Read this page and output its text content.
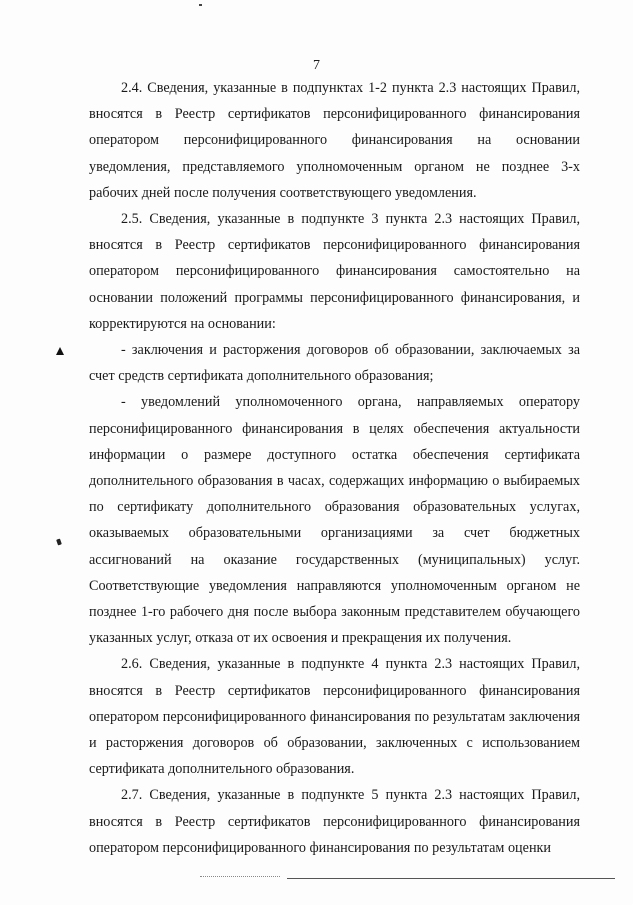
7

2.4. Сведения, указанные в подпунктах 1-2 пункта 2.3 настоящих Правил, вносятся в Реестр сертификатов персонифицированного финансирования оператором персонифицированного финансирования на основании уведомления, представляемого уполномоченным органом не позднее 3-х рабочих дней после получения соответствующего уведомления.

2.5. Сведения, указанные в подпункте 3 пункта 2.3 настоящих Правил, вносятся в Реестр сертификатов персонифицированного финансирования оператором персонифицированного финансирования самостоятельно на основании положений программы персонифицированного финансирования, и корректируются на основании:

- заключения и расторжения договоров об образовании, заключаемых за счет средств сертификата дополнительного образования;

- уведомлений уполномоченного органа, направляемых оператору персонифицированного финансирования в целях обеспечения актуальности информации о размере доступного остатка обеспечения сертификата дополнительного образования в часах, содержащих информацию о выбираемых по сертификату дополнительного образования образовательных услугах, оказываемых образовательными организациями за счет бюджетных ассигнований на оказание государственных (муниципальных) услуг. Соответствующие уведомления направляются уполномоченным органом не позднее 1-го рабочего дня после выбора законным представителем обучающего указанных услуг, отказа от их освоения и прекращения их получения.

2.6. Сведения, указанные в подпункте 4 пункта 2.3 настоящих Правил, вносятся в Реестр сертификатов персонифицированного финансирования оператором персонифицированного финансирования по результатам заключения и расторжения договоров об образовании, заключенных с использованием сертификата дополнительного образования.

2.7. Сведения, указанные в подпункте 5 пункта 2.3 настоящих Правил, вносятся в Реестр сертификатов персонифицированного финансирования оператором персонифицированного финансирования по результатам оценки
